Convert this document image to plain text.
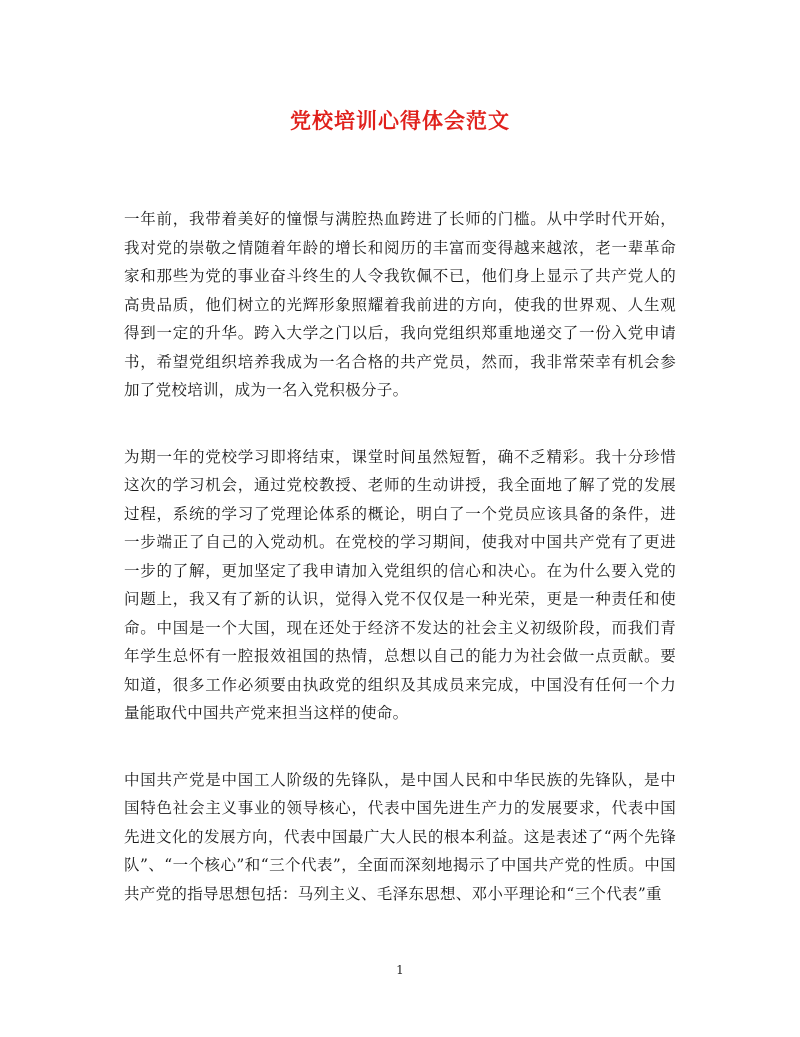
党校培训心得体会范文

一年前，我带着美好的憧憬与满腔热血跨进了长师的门槛。从中学时代开始，我对党的崇敬之情随着年龄的增长和阅历的丰富而变得越来越浓，老一辈革命家和那些为党的事业奋斗终生的人令我钦佩不已，他们身上显示了共产党人的高贵品质，他们树立的光辉形象照耀着我前进的方向，使我的世界观、人生观得到一定的升华。跨入大学之门以后，我向党组织郑重地递交了一份入党申请书，希望党组织培养我成为一名合格的共产党员，然而，我非常荣幸有机会参加了党校培训，成为一名入党积极分子。

为期一年的党校学习即将结束，课堂时间虽然短暂，确不乏精彩。我十分珍惜这次的学习机会，通过党校教授、老师的生动讲授，我全面地了解了党的发展过程，系统的学习了党理论体系的概论，明白了一个党员应该具备的条件，进一步端正了自己的入党动机。在党校的学习期间，使我对中国共产党有了更进一步的了解，更加坚定了我申请加入党组织的信心和决心。在为什么要入党的问题上，我又有了新的认识，觉得入党不仅仅是一种光荣，更是一种责任和使命。中国是一个大国，现在还处于经济不发达的社会主义初级阶段，而我们青年学生总怀有一腔报效祖国的热情，总想以自己的能力为社会做一点贡献。要知道，很多工作必须要由执政党的组织及其成员来完成，中国没有任何一个力量能取代中国共产党来担当这样的使命。

中国共产党是中国工人阶级的先锋队，是中国人民和中华民族的先锋队，是中国特色社会主义事业的领导核心，代表中国先进生产力的发展要求，代表中国先进文化的发展方向，代表中国最广大人民的根本利益。这是表述了“两个先锋队”、“一个核心”和“三个代表”，全面而深刻地揭示了中国共产党的性质。中国共产党的指导思想包括：马列主义、毛泽东思想、邓小平理论和“三个代表”重

1
